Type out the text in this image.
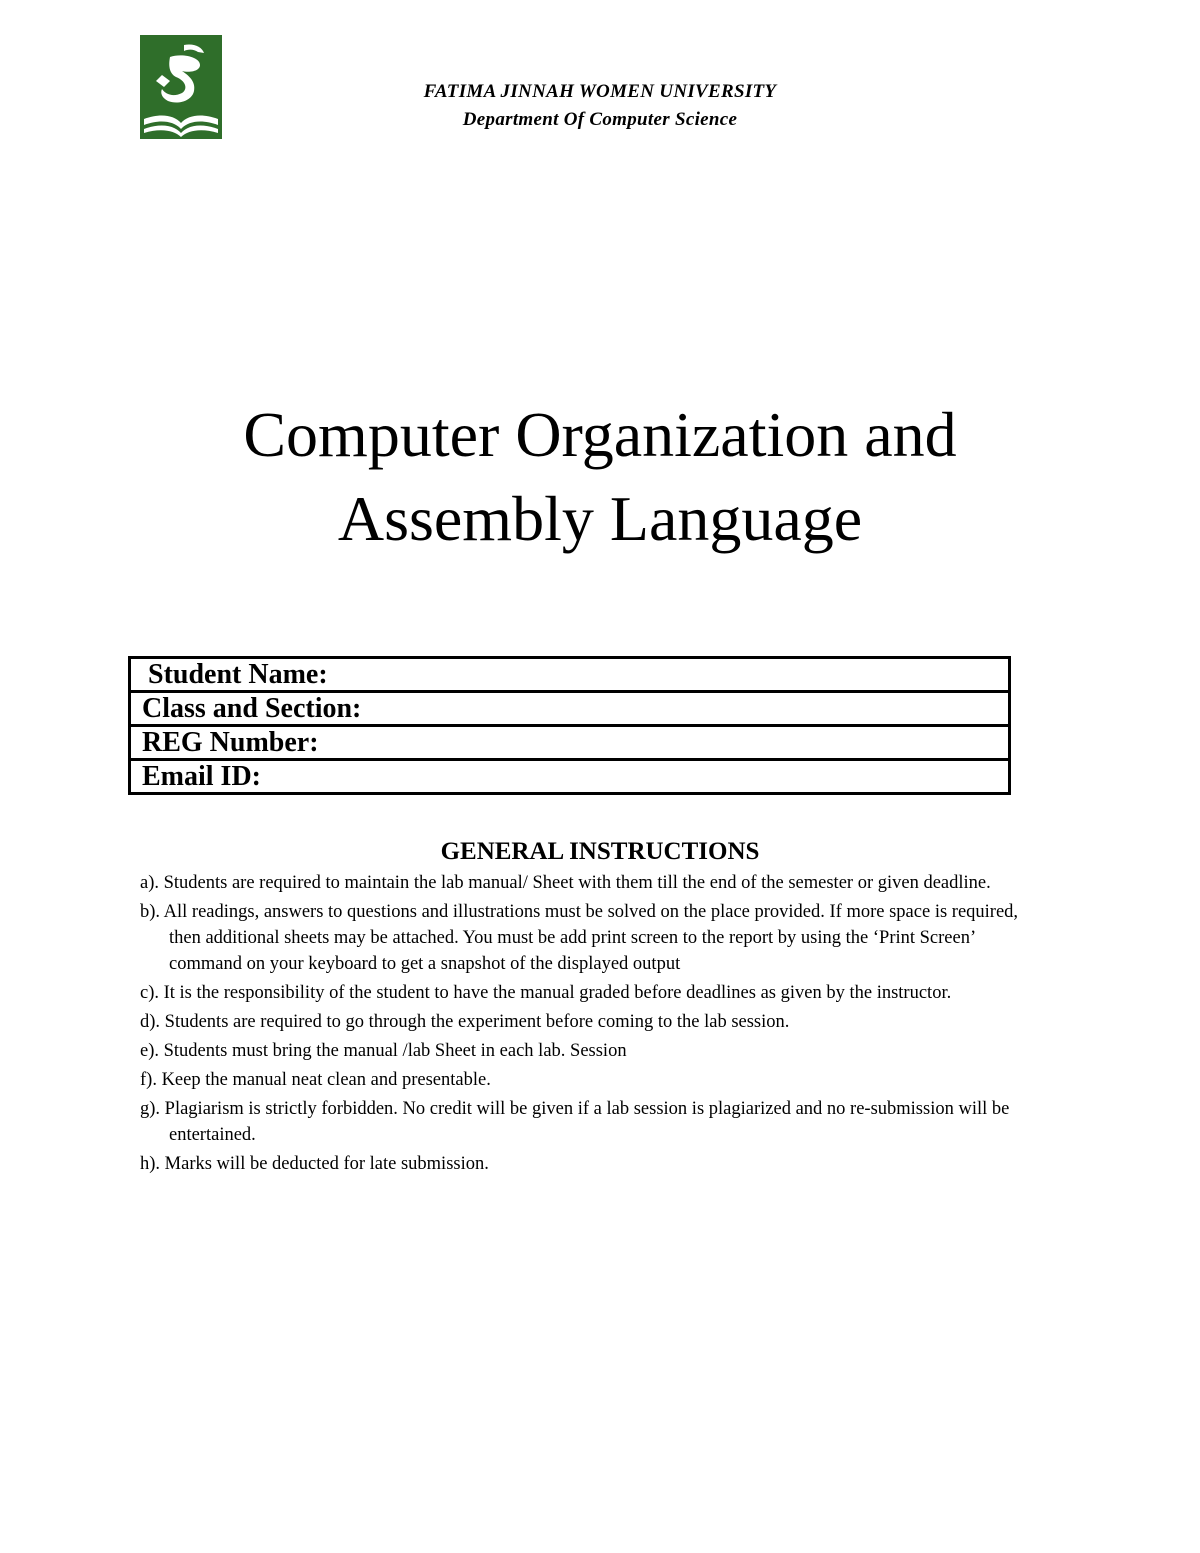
FATIMA JINNAH WOMEN UNIVERSITY
Department Of Computer Science
Computer Organization and
Assembly Language
Student Name:
Class and Section:
REG Number:
Email ID:
GENERAL INSTRUCTIONS
a). Students are required to maintain the lab manual/ Sheet with them till the end of the semester or given deadline.
b). All readings, answers to questions and illustrations must be solved on the place provided. If more space is required, then additional sheets may be attached. You must be add print screen to the report by using the ‘Print Screen’ command on your keyboard to get a snapshot of the displayed output
c). It is the responsibility of the student to have the manual graded before deadlines as given by the instructor.
d). Students are required to go through the experiment before coming to the lab session.
e). Students must bring the manual /lab Sheet in each lab. Session
f). Keep the manual neat clean and presentable.
g). Plagiarism is strictly forbidden. No credit will be given if a lab session is plagiarized and no re-submission will be entertained.
h). Marks will be deducted for late submission.
